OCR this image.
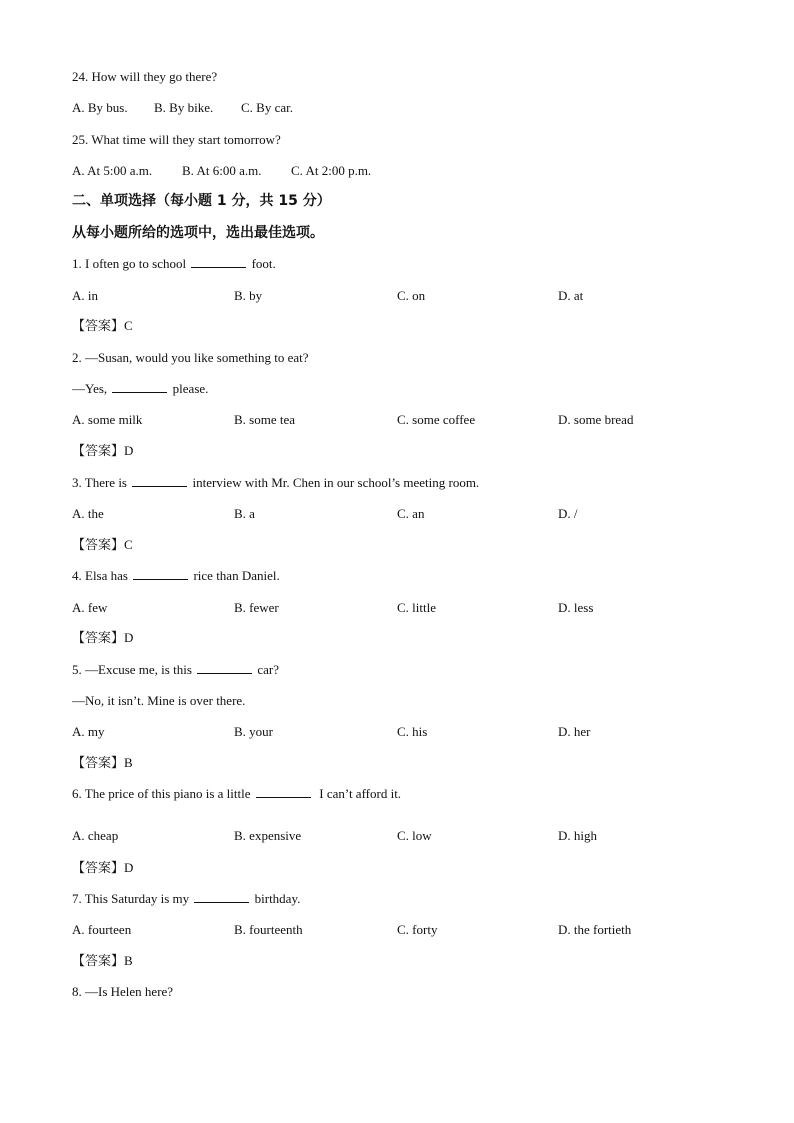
24. How will they go there?
A. By bus. B. By bike. C. By car.
25. What time will they start tomorrow?
A. At 5:00 a.m. B. At 6:00 a.m. C. At 2:00 p.m.
二、单项选择（每小题 1 分，共 15 分）
从每小题所给的选项中，选出最佳选项。
1. I often go to school	foot.
A. in	B. by	C. on	D. at
【答案】C
2. —Susan, would you like something to eat?
—Yes,	please.
A. some milk	B. some tea	C. some coffee	D. some bread
【答案】D
3. There is	interview with Mr. Chen in our school’s meeting room.
A. the	B. a	C. an	D. /
【答案】C
4. Elsa has	rice than Daniel.
A. few	B. fewer	C. little	D. less
【答案】D
5. —Excuse me, is this	car?
—No, it isn’t. Mine is over there.
A. my	B. your	C. his	D. her
【答案】B
6. The price of this piano is a little	I can’t afford it.
A. cheap	B. expensive	C. low	D. high
【答案】D
7. This Saturday is my	birthday.
A. fourteen	B. fourteenth	C. forty	D. the fortieth
【答案】B
8. —Is Helen here?
